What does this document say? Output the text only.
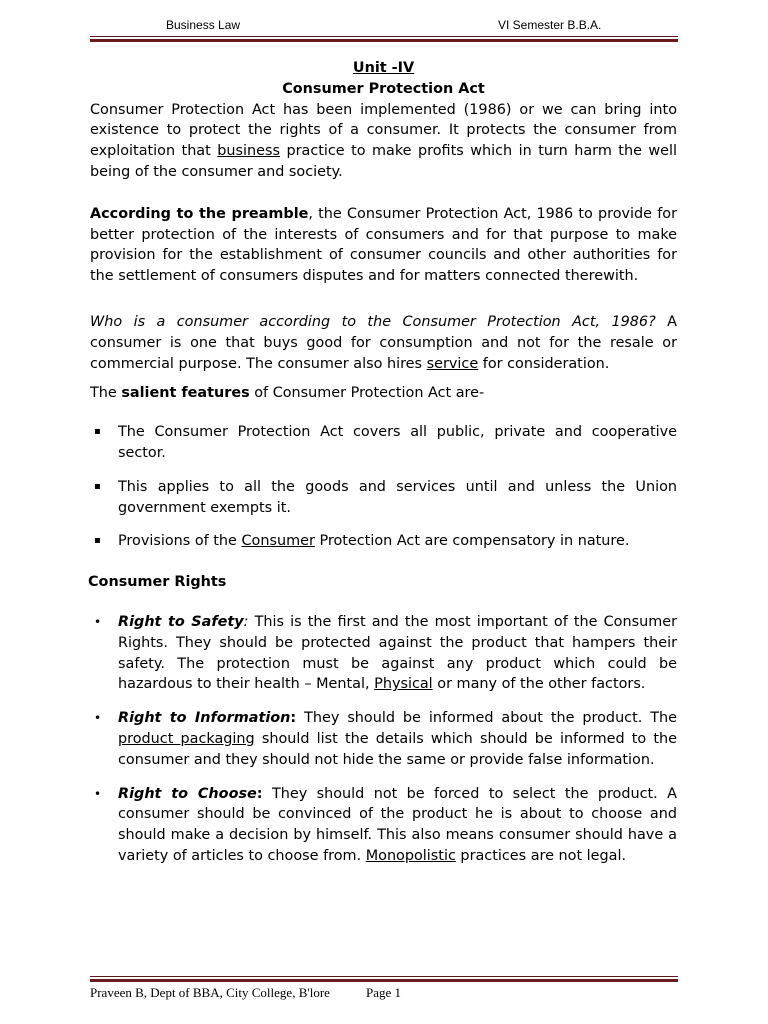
Business Law	VI Semester B.B.A.

Unit -IV

Consumer Protection Act

Consumer Protection Act has been implemented (1986) or we can bring into existence to protect the rights of a consumer. It protects the consumer from exploitation that business practice to make profits which in turn harm the well being of the consumer and society.

According to the preamble, the Consumer Protection Act, 1986 to provide for better protection of the interests of consumers and for that purpose to make provision for the establishment of consumer councils and other authorities for the settlement of consumers disputes and for matters connected therewith.

Who is a consumer according to the Consumer Protection Act, 1986? A consumer is one that buys good for consumption and not for the resale or commercial purpose. The consumer also hires service for consideration.

The salient features of Consumer Protection Act are-

▪ The Consumer Protection Act covers all public, private and cooperative sector.
▪ This applies to all the goods and services until and unless the Union government exempts it.
▪ Provisions of the Consumer Protection Act are compensatory in nature.

Consumer Rights

• Right to Safety: This is the first and the most important of the Consumer Rights. They should be protected against the product that hampers their safety. The protection must be against any product which could be hazardous to their health – Mental, Physical or many of the other factors.
• Right to Information: They should be informed about the product. The product packaging should list the details which should be informed to the consumer and they should not hide the same or provide false information.
• Right to Choose: They should not be forced to select the product. A consumer should be convinced of the product he is about to choose and should make a decision by himself. This also means consumer should have a variety of articles to choose from. Monopolistic practices are not legal.
Praveen B, Dept of BBA, City College, B'lore	Page 1
